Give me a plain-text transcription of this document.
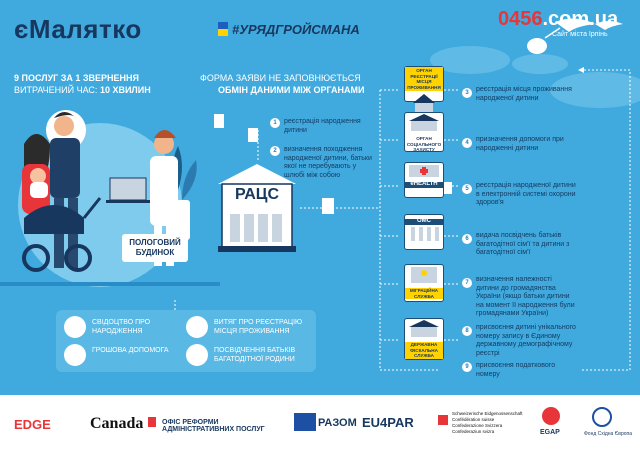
єМалятко	#УРЯДГРОЙСМАНА	0456.com.ua
Сайт міста Ірпінь
9 ПОСЛУГ ЗА 1 ЗВЕРНЕННЯ
ВИТРАЧЕНИЙ ЧАС: 10 ХВИЛИН
ФОРМА ЗАЯВИ НЕ ЗАПОВНЮЄТЬСЯ
ОБМІН ДАНИМИ МІЖ ОРГАНАМИ
ПОЛОГОВИЙ БУДИНОК
РАЦС
1	реєстрація народження дитини
2	визначення походження народженої дитини, батьки якої не перебувають у шлюбі між собою
ОРГАН РЕЄСТРАЦІЇ МІСЦЯ ПРОЖИВАННЯ
ОРГАН СОЦІАЛЬНОГО ЗАХИСТУ
eHEALTH
ОМС
МІГРАЦІЙНА СЛУЖБА
ДЕРЖАВНА ФІСКАЛЬНА СЛУЖБА
3	реєстрація місця проживання народженої дитини
4	призначення допомоги при народженні дитини
5	реєстрація народженої дитини в електронній системі охорони здоров'я
6	видача посвідчень батьків багатодітної сім'ї та дитини з багатодітної сім'ї
7	визначення належності дитини до громадянства України (якщо батьки дитини на момент її народження були громадянами України)
8	присвоєння дитині унікального номеру запису в Єдиному державному демографічному реєстрі
9	присвоєння податкового номеру
СВІДОЦТВО ПРО НАРОДЖЕННЯ
ВИТЯГ ПРО РЕЄСТРАЦІЮ МІСЦЯ ПРОЖИВАННЯ
ГРОШОВА ДОПОМОГА	ПОСВІДЧЕННЯ БАТЬКІВ БАГАТОДІТНОЇ РОДИНИ
EDGE Canada	ОФІС РЕФОРМИ АДМІНІСТРАТИВНИХ ПОСЛУГ
РАЗОМ EU4PAR
Schweizerische Eidgenossenschaft
Confédération suisse
Confederazione Svizzera
Confederaziun svizra	EGAP	Фонд Східна Європа
